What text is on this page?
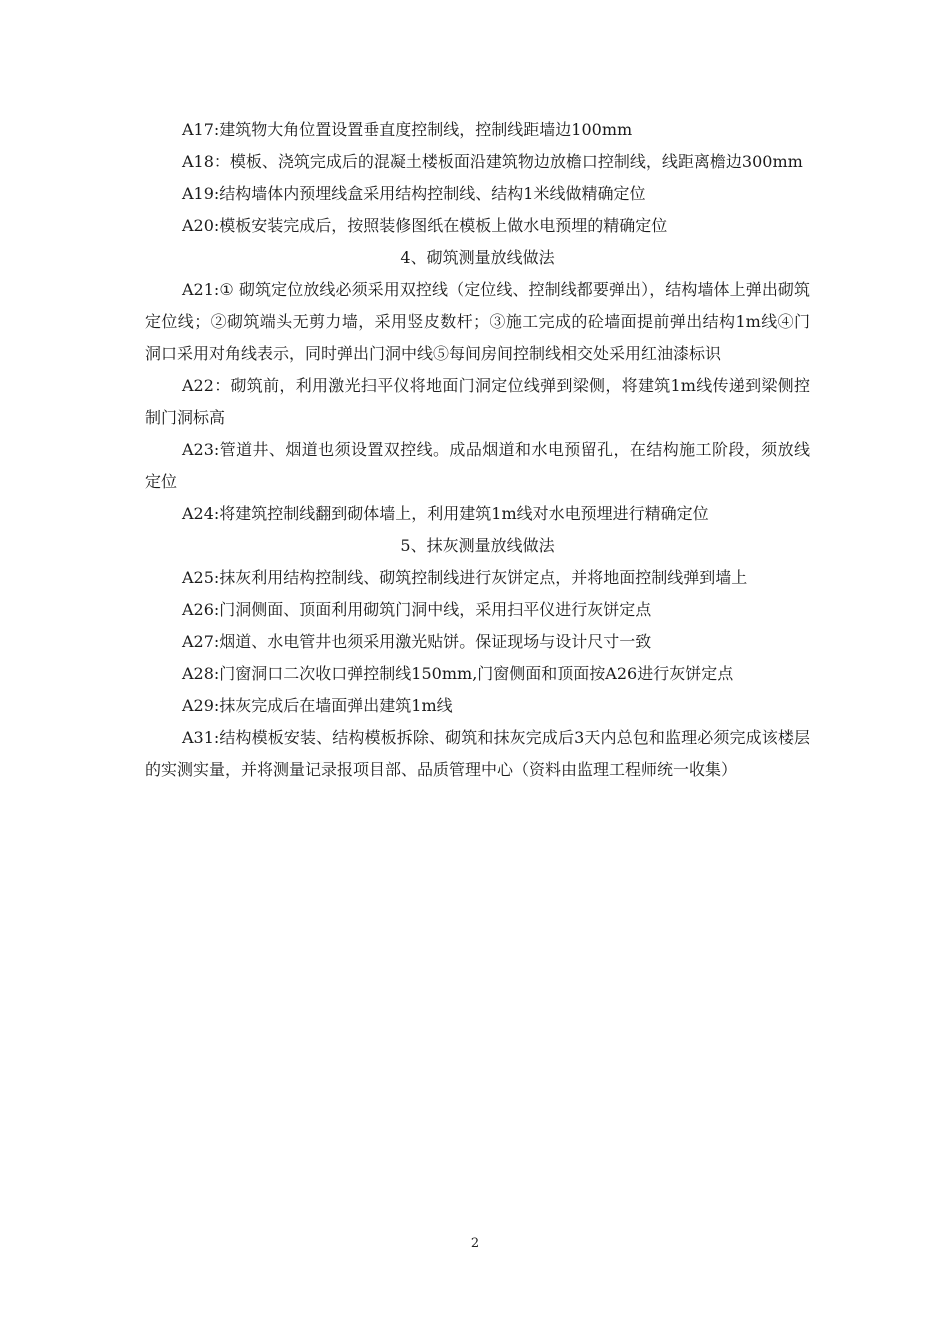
A17:建筑物大角位置设置垂直度控制线，控制线距墙边100mm

A18：模板、浇筑完成后的混凝土楼板面沿建筑物边放檐口控制线，线距离檐边300mm

A19:结构墙体内预埋线盒采用结构控制线、结构1米线做精确定位

A20:模板安装完成后，按照装修图纸在模板上做水电预埋的精确定位

4、砌筑测量放线做法

A21:① 砌筑定位放线必须采用双控线（定位线、控制线都要弹出），结构墙体上弹出砌筑定位线；②砌筑端头无剪力墙，采用竖皮数杆；③施工完成的砼墙面提前弹出结构1m线④门洞口采用对角线表示，同时弹出门洞中线⑤每间房间控制线相交处采用红油漆标识

A22：砌筑前，利用激光扫平仪将地面门洞定位线弹到梁侧，将建筑1m线传递到梁侧控制门洞标高

A23:管道井、烟道也须设置双控线。成品烟道和水电预留孔，在结构施工阶段，须放线定位

A24:将建筑控制线翻到砌体墙上，利用建筑1m线对水电预埋进行精确定位

5、抹灰测量放线做法

A25:抹灰利用结构控制线、砌筑控制线进行灰饼定点，并将地面控制线弹到墙上

A26:门洞侧面、顶面利用砌筑门洞中线，采用扫平仪进行灰饼定点

A27:烟道、水电管井也须采用激光贴饼。保证现场与设计尺寸一致

A28:门窗洞口二次收口弹控制线150mm,门窗侧面和顶面按A26进行灰饼定点

A29:抹灰完成后在墙面弹出建筑1m线

A31:结构模板安装、结构模板拆除、砌筑和抹灰完成后3天内总包和监理必须完成该楼层的实测实量，并将测量记录报项目部、品质管理中心（资料由监理工程师统一收集）

2
